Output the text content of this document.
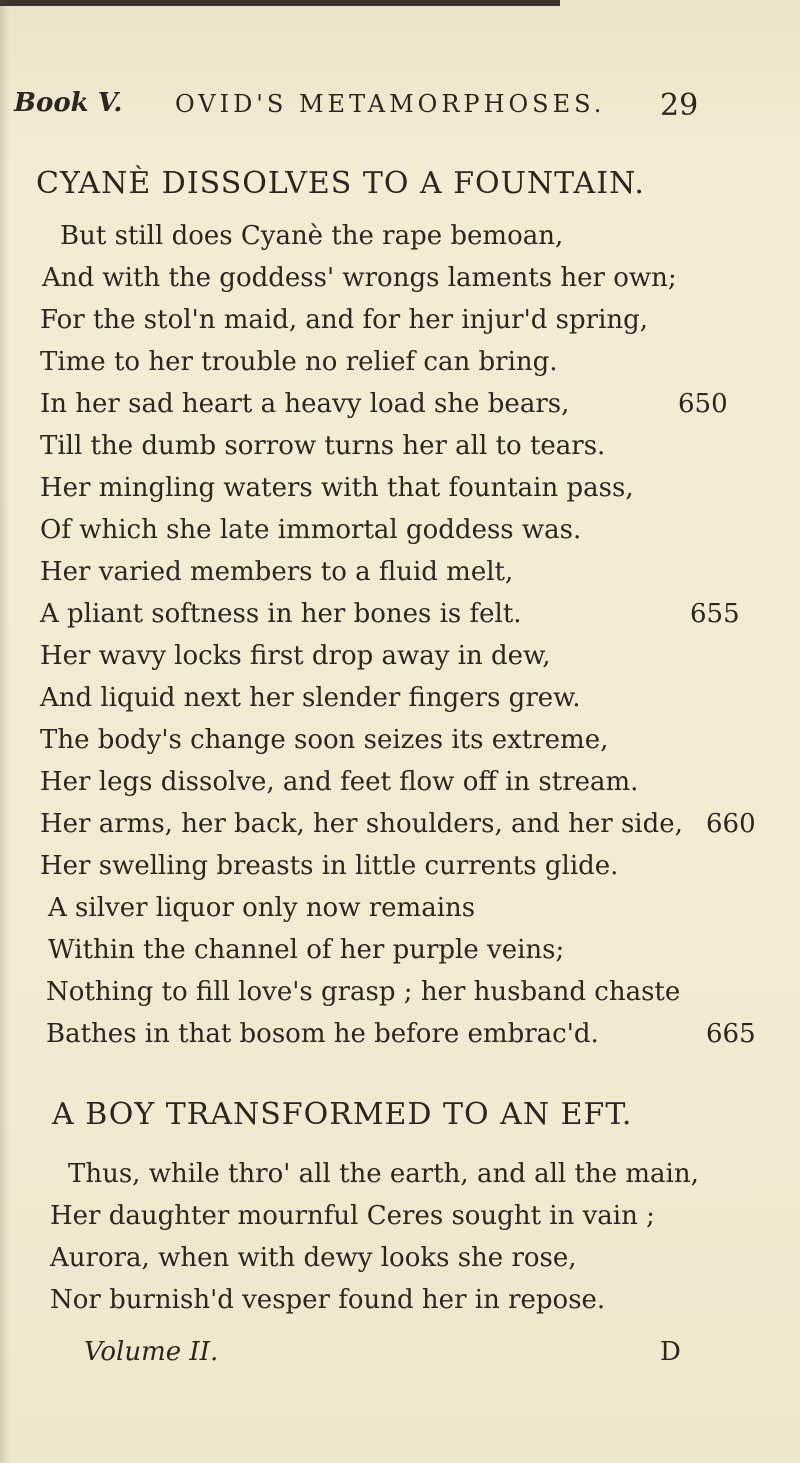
Book V. OVID'S METAMORPHOSES. 29
CYANÈ DISSOLVES TO A FOUNTAIN.
But still does Cyanè the rape bemoan,
And with the goddess' wrongs laments her own;
For the stol'n maid, and for her injur'd spring,
Time to her trouble no relief can bring.
In her sad heart a heavy load she bears,	650
Till the dumb sorrow turns her all to tears.
Her mingling waters with that fountain pass,
Of which she late immortal goddess was.
Her varied members to a fluid melt,
A pliant softness in her bones is felt.	655
Her wavy locks first drop away in dew,
And liquid next her slender fingers grew.
The body's change soon seizes its extreme,
Her legs dissolve, and feet flow off in stream.
Her arms, her back, her shoulders, and her side, 660
Her swelling breasts in little currents glide.
A silver liquor only now remains
Within the channel of her purple veins;
Nothing to fill love's grasp ; her husband chaste
Bathes in that bosom he before embrac'd.	665
A BOY TRANSFORMED TO AN EFT.
Thus, while thro' all the earth, and all the main,
Her daughter mournful Ceres sought in vain ;
Aurora, when with dewy looks she rose,
Nor burnish'd vesper found her in repose.
Volume II.	D
